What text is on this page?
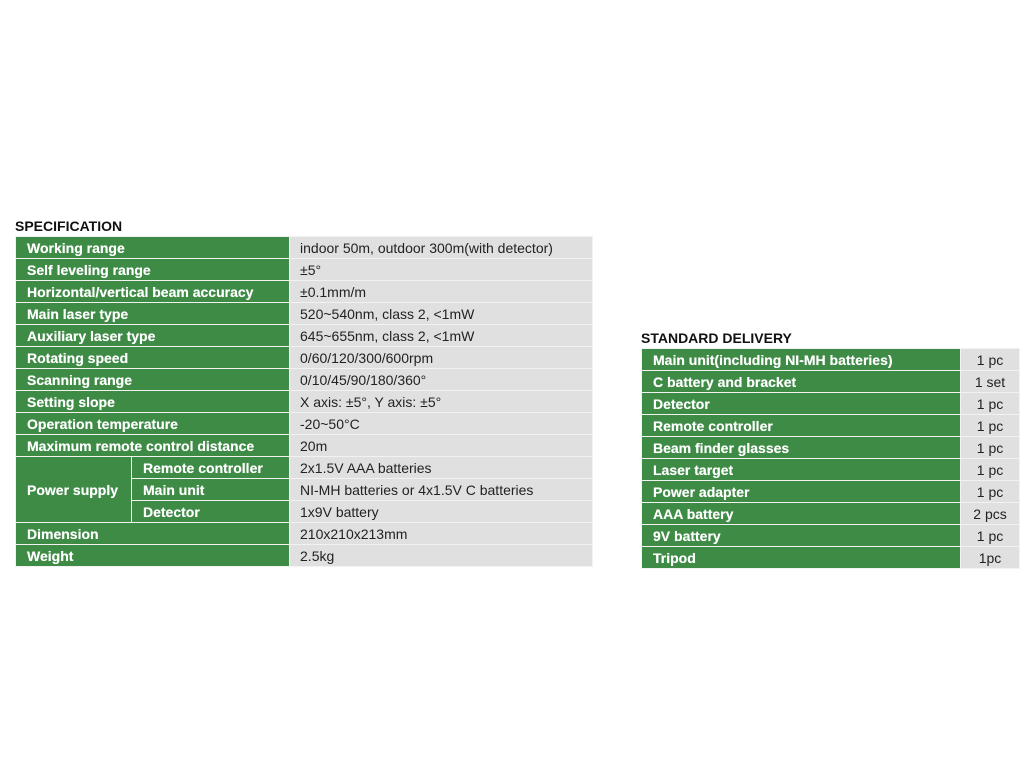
SPECIFICATION
Working range		indoor 50m, outdoor 300m(with detector)
Self leveling range		±5°
Horizontal/vertical beam accuracy		±0.1mm/m
Main laser type		520~540nm, class 2, <1mW
Auxiliary laser type		645~655nm, class 2, <1mW
Rotating speed		0/60/120/300/600rpm
Scanning range		0/10/45/90/180/360°
Setting slope		X axis: ±5°, Y axis: ±5°
Operation temperature		-20~50°C
Maximum remote control distance		20m
Power supply	Remote controller	2x1.5V AAA batteries
	Main unit	NI-MH batteries or 4x1.5V C batteries
	Detector	1x9V battery
Dimension		210x210x213mm
Weight		2.5kg
STANDARD DELIVERY
Main unit(including NI-MH batteries)	1 pc
C battery and bracket	1 set
Detector	1 pc
Remote controller	1 pc
Beam finder glasses	1 pc
Laser target	1 pc
Power adapter	1 pc
AAA battery	2 pcs
9V battery	1 pc
Tripod	1pc
